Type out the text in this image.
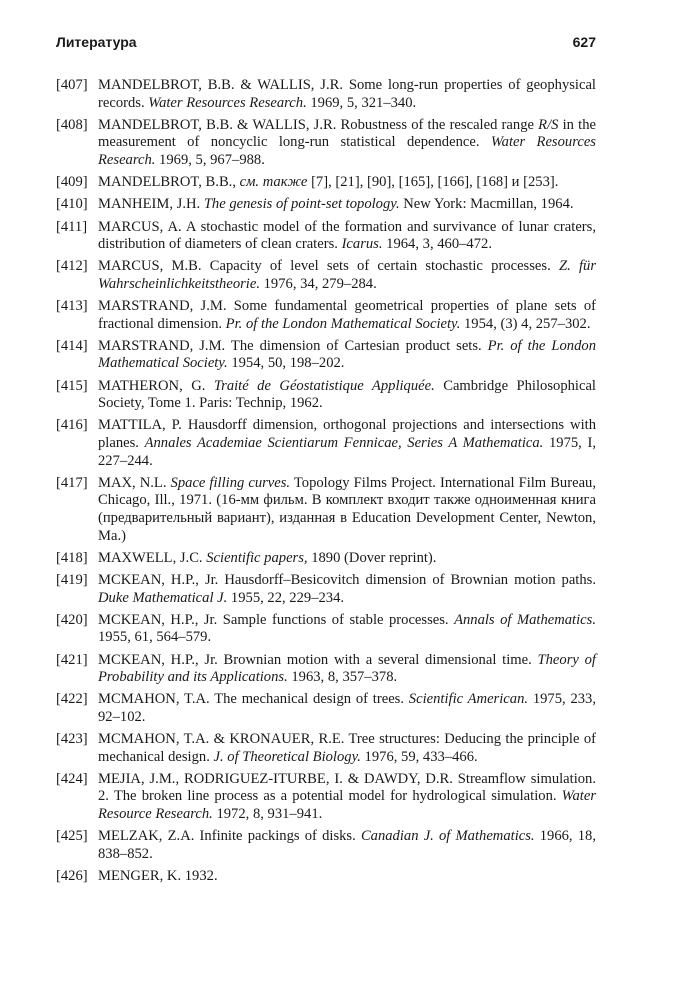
Литература	627
[407] MANDELBROT, B.B. & WALLIS, J.R. Some long-run properties of geophysical records. Water Resources Research. 1969, 5, 321–340.
[408] MANDELBROT, B.B. & WALLIS, J.R. Robustness of the rescaled range R/S in the measurement of noncyclic long-run statistical dependence. Water Resources Research. 1969, 5, 967–988.
[409] MANDELBROT, B.B., см. также [7], [21], [90], [165], [166], [168] и [253].
[410] MANHEIM, J.H. The genesis of point-set topology. New York: Macmillan, 1964.
[411] MARCUS, A. A stochastic model of the formation and survivance of lunar craters, distribution of diameters of clean craters. Icarus. 1964, 3, 460–472.
[412] MARCUS, M.B. Capacity of level sets of certain stochastic processes. Z. für Wahrscheinlichkeitstheorie. 1976, 34, 279–284.
[413] MARSTRAND, J.M. Some fundamental geometrical properties of plane sets of fractional dimension. Pr. of the London Mathematical Society. 1954, (3) 4, 257–302.
[414] MARSTRAND, J.M. The dimension of Cartesian product sets. Pr. of the London Mathematical Society. 1954, 50, 198–202.
[415] MATHERON, G. Traité de Géostatistique Appliquée. Cambridge Philosophical Society, Tome 1. Paris: Technip, 1962.
[416] MATTILA, P. Hausdorff dimension, orthogonal projections and intersections with planes. Annales Academiae Scientiarum Fennicae, Series A Mathematica. 1975, I, 227–244.
[417] MAX, N.L. Space filling curves. Topology Films Project. International Film Bureau, Chicago, Ill., 1971. (16-мм фильм. В комплект входит также одноименная книга (предварительный вариант), изданная в Education Development Center, Newton, Ma.)
[418] MAXWELL, J.C. Scientific papers, 1890 (Dover reprint).
[419] MCKEAN, H.P., Jr. Hausdorff–Besicovitch dimension of Brownian motion paths. Duke Mathematical J. 1955, 22, 229–234.
[420] MCKEAN, H.P., Jr. Sample functions of stable processes. Annals of Mathematics. 1955, 61, 564–579.
[421] MCKEAN, H.P., Jr. Brownian motion with a several dimensional time. Theory of Probability and its Applications. 1963, 8, 357–378.
[422] MCMAHON, T.A. The mechanical design of trees. Scientific American. 1975, 233, 92–102.
[423] MCMAHON, T.A. & KRONAUER, R.E. Tree structures: Deducing the principle of mechanical design. J. of Theoretical Biology. 1976, 59, 433–466.
[424] MEJIA, J.M., RODRIGUEZ-ITURBE, I. & DAWDY, D.R. Streamflow simulation. 2. The broken line process as a potential model for hydrological simulation. Water Resource Research. 1972, 8, 931–941.
[425] MELZAK, Z.A. Infinite packings of disks. Canadian J. of Mathematics. 1966, 18, 838–852.
[426] MENGER, K. 1932.
